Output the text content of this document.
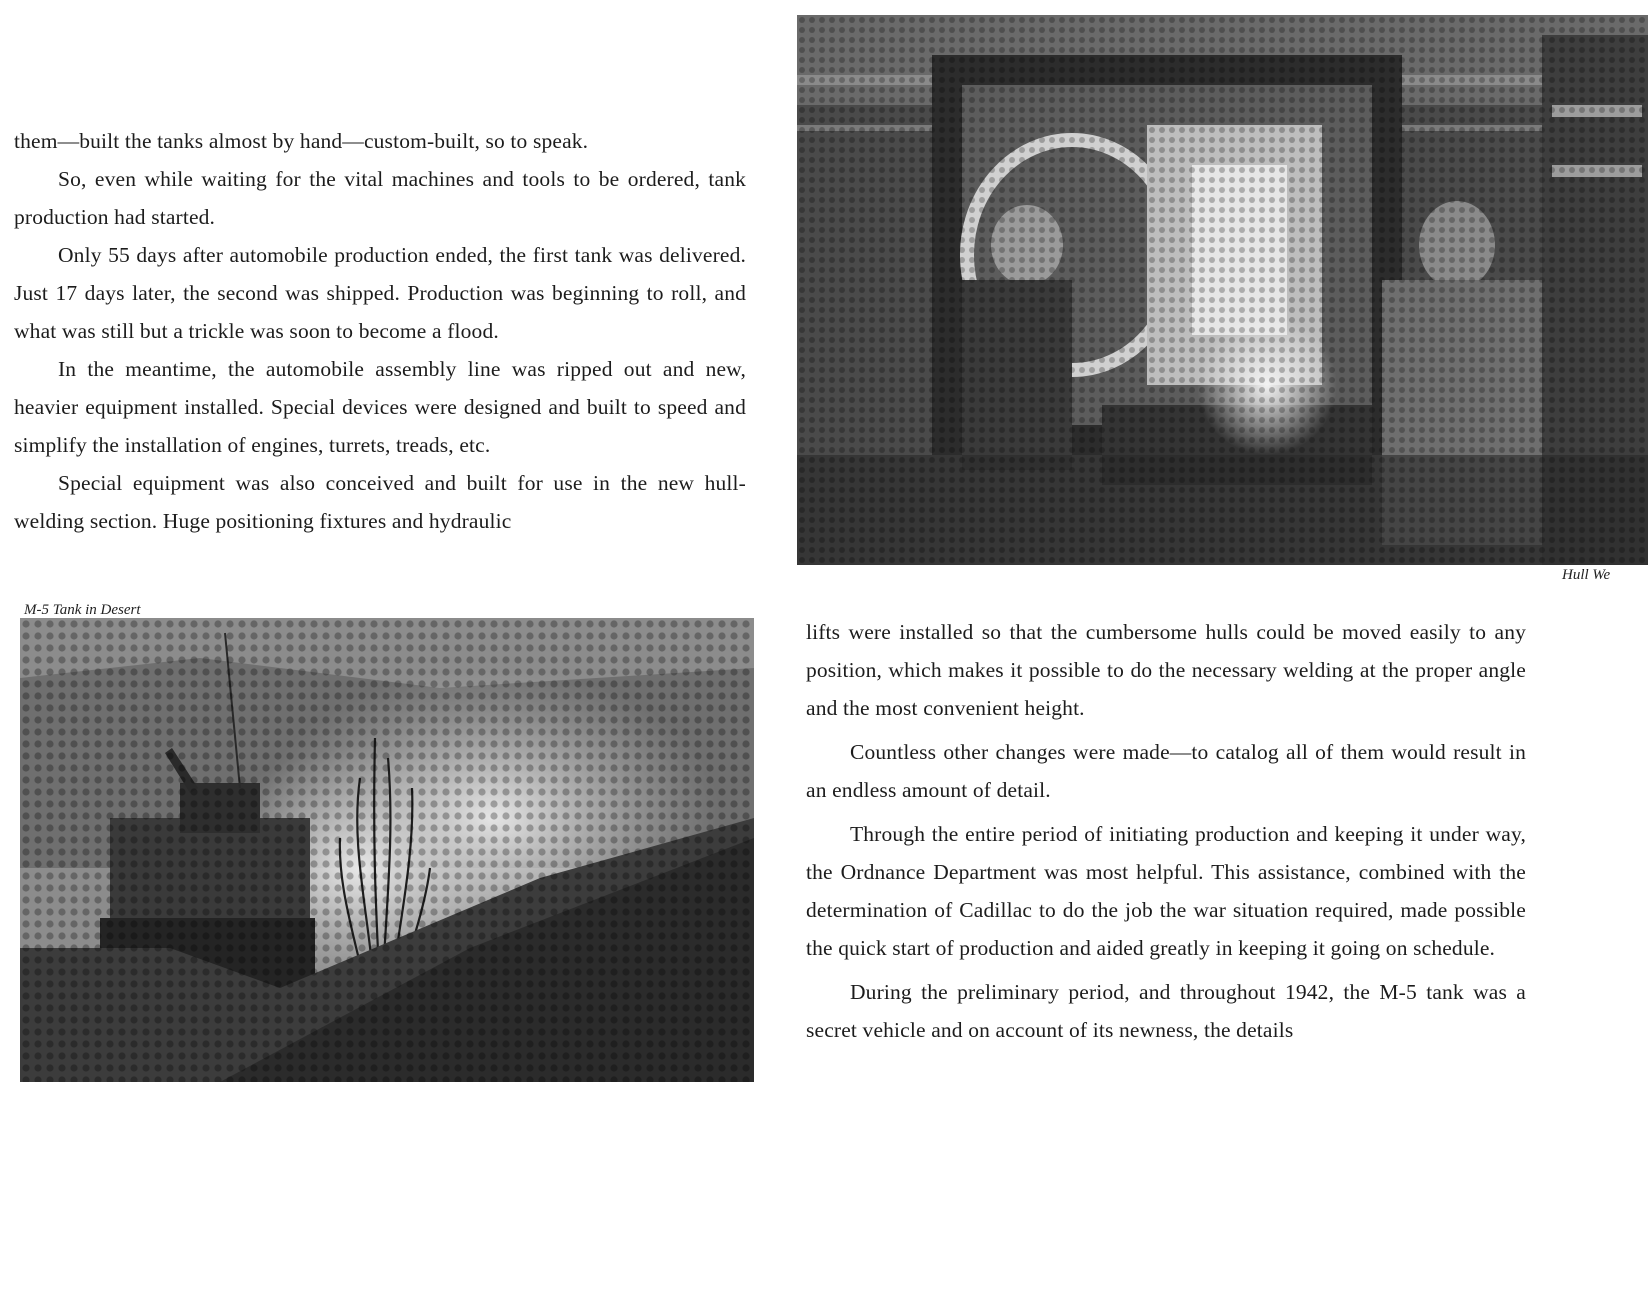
Hull We

them—built the tanks almost by hand—custom-built, so to speak.

So, even while waiting for the vital machines and tools to be ordered, tank production had started.

Only 55 days after automobile production ended, the first tank was delivered. Just 17 days later, the second was shipped. Production was beginning to roll, and what was still but a trickle was soon to become a flood.

In the meantime, the automobile assembly line was ripped out and new, heavier equipment installed. Special devices were designed and built to speed and simplify the installation of engines, turrets, treads, etc.

Special equipment was also conceived and built for use in the new hull-welding section. Huge positioning fixtures and hydraulic

M-5 Tank in Desert

lifts were installed so that the cumbersome hulls could be moved easily to any position, which makes it possible to do the necessary welding at the proper angle and the most convenient height.

Countless other changes were made—to catalog all of them would result in an endless amount of detail.

Through the entire period of initiating production and keeping it under way, the Ordnance Department was most helpful. This assistance, combined with the determination of Cadillac to do the job the war situation required, made possible the quick start of production and aided greatly in keeping it going on schedule.

During the preliminary period, and throughout 1942, the M-5 tank was a secret vehicle and on account of its newness, the details
